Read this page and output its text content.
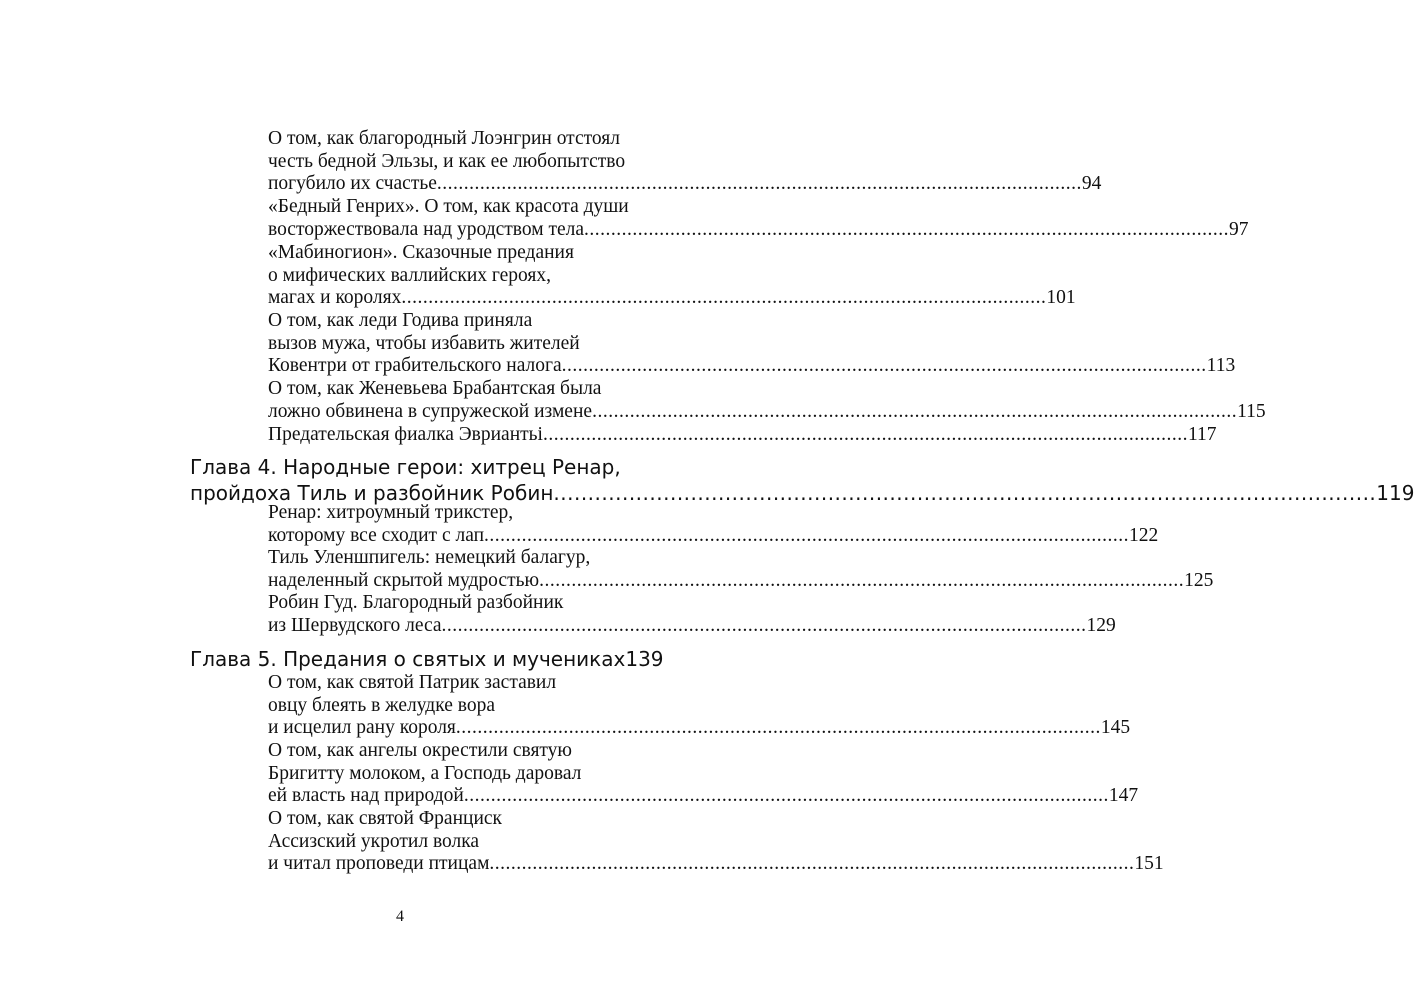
О том, как благородный Лоэнгрин отстоял
честь бедной Эльзы, и как ее любопытство
погубило их счастье .....	94
«Бедный Генрих». О том, как красота души
восторжествовала над уродством тела .....	97
«Мабиногион». Сказочные предания
о мифических валлийских героях,
магах и королях .....	101
О том, как леди Годива приняла
вызов мужа, чтобы избавить жителей
Ковентри от грабительского налога .....	113
О том, как Женевьева Брабантская была
ложно обвинена в супружеской измене .....	115
Предательская фиалка Эвриантьі .....	117
Глава 4. Народные герои: хитрец Ренар,
пройдоха Тиль и разбойник Робин .....	119
Ренар: хитроумный трикстер,
которому все сходит с лап .....	122
Тиль Уленшпигель: немецкий балагур,
наделенный скрытой мудростью .....	125
Робин Гуд. Благородный разбойник
из Шервудского леса .....	129
Глава 5. Предания о святых и мучениках 139
О том, как святой Патрик заставил
овцу блеять в желудке вора
и исцелил рану короля .....	145
О том, как ангелы окрестили святую
Бригитту молоком, а Господь даровал
ей власть над природой .....	147
О том, как святой Франциск
Ассизский укротил волка
и читал проповеди птицам .....	151
4
